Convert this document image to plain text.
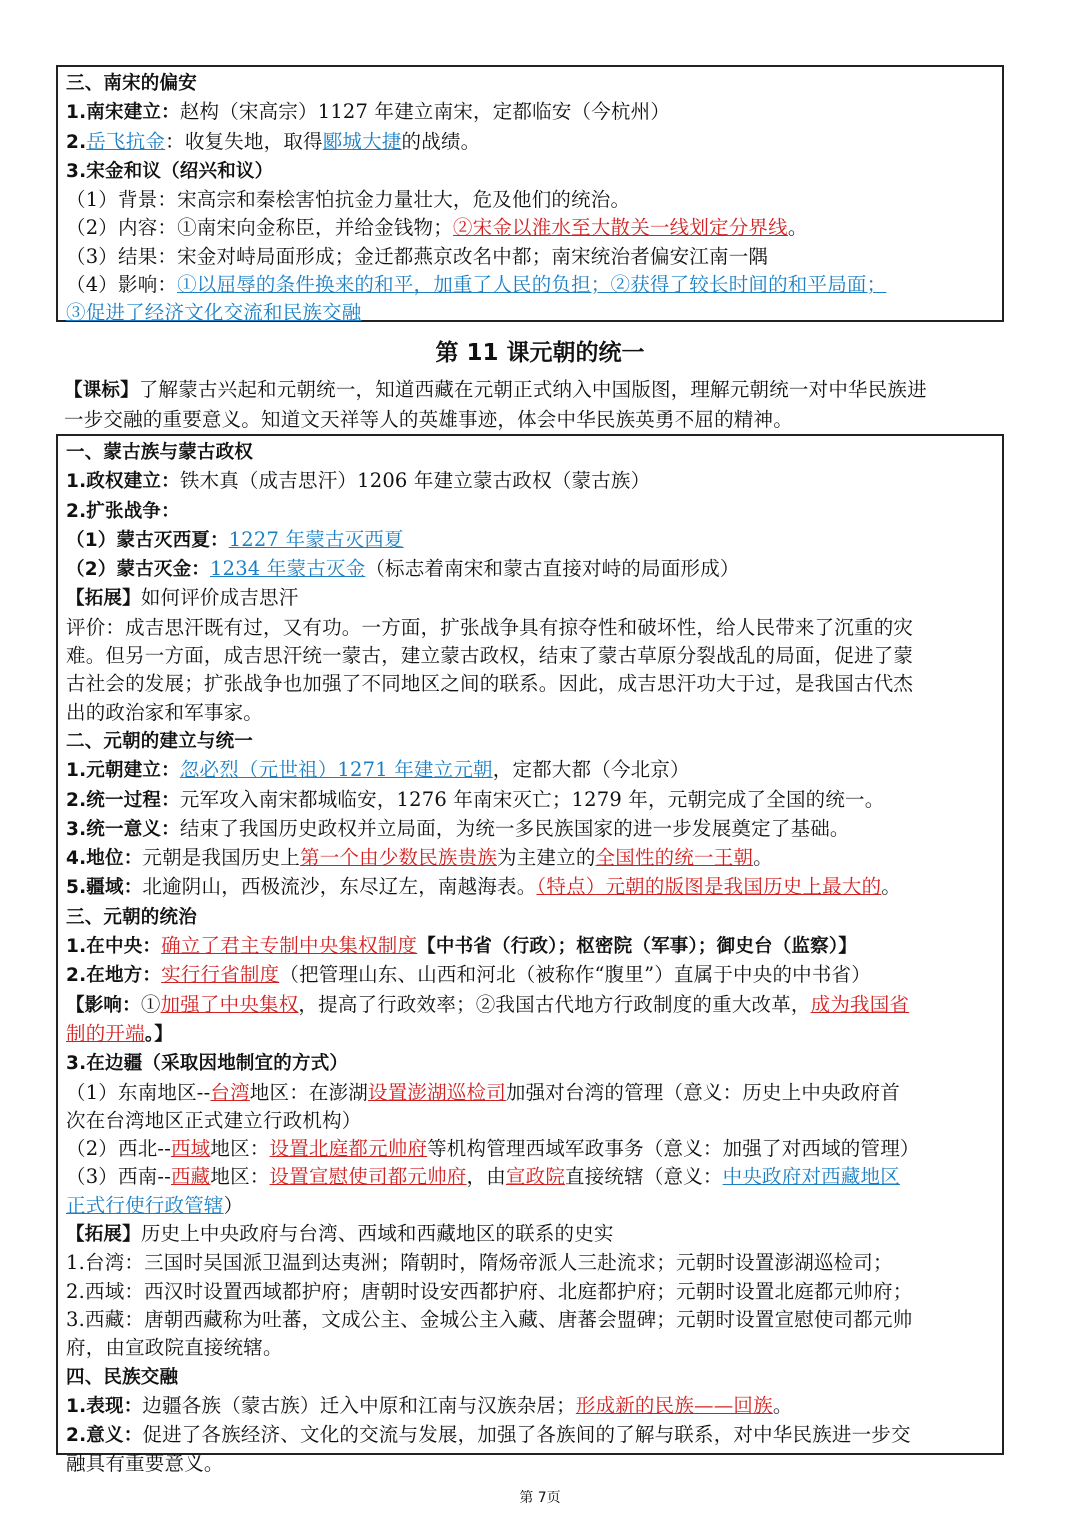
三、南宋的偏安
1.南宋建立：赵构（宋高宗）1127 年建立南宋，定都临安（今杭州）
2.岳飞抗金：收复失地，取得郾城大捷的战绩。
3.宋金和议（绍兴和议）
（1）背景：宋高宗和秦桧害怕抗金力量壮大，危及他们的统治。
（2）内容：①南宋向金称臣，并给金钱物；②宋金以淮水至大散关一线划定分界线。
（3）结果：宋金对峙局面形成；金迁都燕京改名中都；南宋统治者偏安江南一隅
（4）影响：①以屈辱的条件换来的和平，加重了人民的负担；②获得了较长时间的和平局面；
③促进了经济文化交流和民族交融
第 11 课元朝的统一
【课标】了解蒙古兴起和元朝统一，知道西藏在元朝正式纳入中国版图，理解元朝统一对中华民族进
一步交融的重要意义。知道文天祥等人的英雄事迹，体会中华民族英勇不屈的精神。
一、蒙古族与蒙古政权
1.政权建立：铁木真（成吉思汗）1206 年建立蒙古政权（蒙古族）
2.扩张战争：
（1）蒙古灭西夏：1227 年蒙古灭西夏
（2）蒙古灭金：1234 年蒙古灭金（标志着南宋和蒙古直接对峙的局面形成）
【拓展】如何评价成吉思汗
评价：成吉思汗既有过，又有功。一方面，扩张战争具有掠夺性和破坏性，给人民带来了沉重的灾
难。但另一方面，成吉思汗统一蒙古，建立蒙古政权，结束了蒙古草原分裂战乱的局面，促进了蒙
古社会的发展；扩张战争也加强了不同地区之间的联系。因此，成吉思汗功大于过，是我国古代杰
出的政治家和军事家。
二、元朝的建立与统一
1.元朝建立：忽必烈（元世祖）1271 年建立元朝，定都大都（今北京）
2.统一过程：元军攻入南宋都城临安，1276 年南宋灭亡；1279 年，元朝完成了全国的统一。
3.统一意义：结束了我国历史政权并立局面，为统一多民族国家的进一步发展奠定了基础。
4.地位：元朝是我国历史上第一个由少数民族贵族为主建立的全国性的统一王朝。
5.疆域：北逾阴山，西极流沙，东尽辽左，南越海表。（特点）元朝的版图是我国历史上最大的。
三、元朝的统治
1.在中央：确立了君主专制中央集权制度【中书省（行政）；枢密院（军事）；御史台（监察）】
2.在地方：实行行省制度（把管理山东、山西和河北（被称作“腹里”）直属于中央的中书省）
【影响：①加强了中央集权，提高了行政效率；②我国古代地方行政制度的重大改革，成为我国省
制的开端。】
3.在边疆（采取因地制宜的方式）
（1）东南地区--台湾地区：在澎湖设置澎湖巡检司加强对台湾的管理（意义：历史上中央政府首
次在台湾地区正式建立行政机构）
（2）西北--西域地区：设置北庭都元帅府等机构管理西域军政事务（意义：加强了对西域的管理）
（3）西南--西藏地区：设置宣慰使司都元帅府，由宣政院直接统辖（意义：中央政府对西藏地区
正式行使行政管辖）
【拓展】历史上中央政府与台湾、西域和西藏地区的联系的史实
1.台湾：三国时吴国派卫温到达夷洲；隋朝时，隋炀帝派人三赴流求；元朝时设置澎湖巡检司；
2.西域：西汉时设置西域都护府；唐朝时设安西都护府、北庭都护府；元朝时设置北庭都元帅府；
3.西藏：唐朝西藏称为吐蕃，文成公主、金城公主入藏、唐蕃会盟碑；元朝时设置宣慰使司都元帅
府，由宣政院直接统辖。
四、民族交融
1.表现：边疆各族（蒙古族）迁入中原和江南与汉族杂居；形成新的民族——回族。
2.意义：促进了各族经济、文化的交流与发展，加强了各族间的了解与联系，对中华民族进一步交
融具有重要意义。
第 7页
